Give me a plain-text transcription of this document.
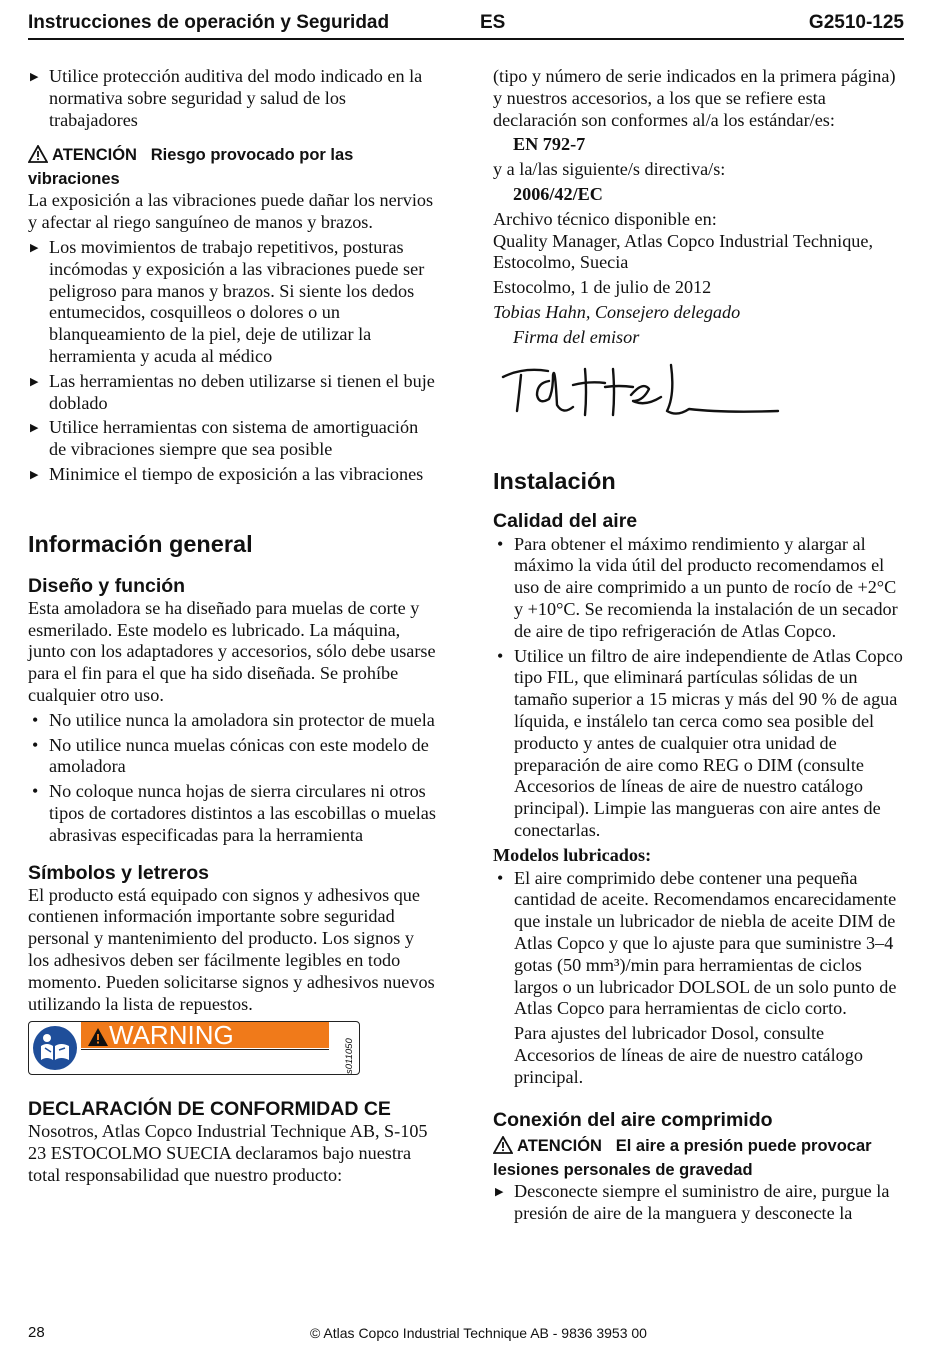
Instrucciones de operación y Seguridad	ES	G2510-125
▶ Utilice protección auditiva del modo indicado en la normativa sobre seguridad y salud de los trabajadores
ATENCIÓN Riesgo provocado por las vibraciones

La exposición a las vibraciones puede dañar los nervios y afectar al riego sanguíneo de manos y brazos.

▶ Los movimientos de trabajo repetitivos, posturas incómodas y exposición a las vibraciones puede ser peligroso para manos y brazos. Si siente los dedos entumecidos, cosquilleos o dolores o un blanqueamiento de la piel, deje de utilizar la herramienta y acuda al médico
▶ Las herramientas no deben utilizarse si tienen el buje doblado
▶ Utilice herramientas con sistema de amortiguación de vibraciones siempre que sea posible
▶ Minimice el tiempo de exposición a las vibraciones
Información general
Diseño y función

Esta amoladora se ha diseñado para muelas de corte y esmerilado. Este modelo es lubricado. La máquina, junto con los adaptadores y accesorios, sólo debe usarse para el fin para el que ha sido diseñada. Se prohíbe cualquier otro uso.

• No utilice nunca la amoladora sin protector de muela
• No utilice nunca muelas cónicas con este modelo de amoladora
• No coloque nunca hojas de sierra circulares ni otros tipos de cortadores distintos a las escobillas o muelas abrasivas especificadas para la herramienta
Símbolos y letreros

El producto está equipado con signos y adhesivos que contienen información importante sobre seguridad personal y mantenimiento del producto. Los signos y los adhesivos deben ser fácilmente legibles en todo momento. Pueden solicitarse signos y adhesivos nuevos utilizando la lista de repuestos.

WARNING
s011050
DECLARACIÓN DE CONFORMIDAD CE

Nosotros, Atlas Copco Industrial Technique AB, S-105 23 ESTOCOLMO SUECIA declaramos bajo nuestra total responsabilidad que nuestro producto:

(tipo y número de serie indicados en la primera página) y nuestros accesorios, a los que se refiere esta declaración son conformes al/a los estándar/es:

EN 792-7

y a la/las siguiente/s directiva/s:

2006/42/EC

Archivo técnico disponible en:

Quality Manager, Atlas Copco Industrial Technique, Estocolmo, Suecia

Estocolmo, 1 de julio de 2012

Tobias Hahn, Consejero delegado

Firma del emisor

Instalación
Calidad del aire
• Para obtener el máximo rendimiento y alargar al máximo la vida útil del producto recomendamos el uso de aire comprimido a un punto de rocío de +2°C y +10°C. Se recomienda la instalación de un secador de aire de tipo refrigeración de Atlas Copco.
• Utilice un filtro de aire independiente de Atlas Copco tipo FIL, que eliminará partículas sólidas de un tamaño superior a 15 micras y más del 90 % de agua líquida, e instálelo tan cerca como sea posible del producto y antes de cualquier otra unidad de preparación de aire como REG o DIM (consulte Accesorios de líneas de aire de nuestro catálogo principal). Limpie las mangueras con aire antes de conectarlas.

Modelos lubricados:

• El aire comprimido debe contener una pequeña cantidad de aceite. Recomendamos encarecidamente que instale un lubricador de niebla de aceite DIM de Atlas Copco y que lo ajuste para que suministre 3–4 gotas (50 mm³)/min para herramientas de ciclos largos o un lubricador DOLSOL de un solo punto de Atlas Copco para herramientas de ciclo corto.

Para ajustes del lubricador Dosol, consulte Accesorios de líneas de aire de nuestro catálogo principal.

Conexión del aire comprimido
ATENCIÓN El aire a presión puede provocar lesiones personales de gravedad
▶ Desconecte siempre el suministro de aire, purgue la presión de aire de la manguera y desconecte la
28	© Atlas Copco Industrial Technique AB - 9836 3953 00
